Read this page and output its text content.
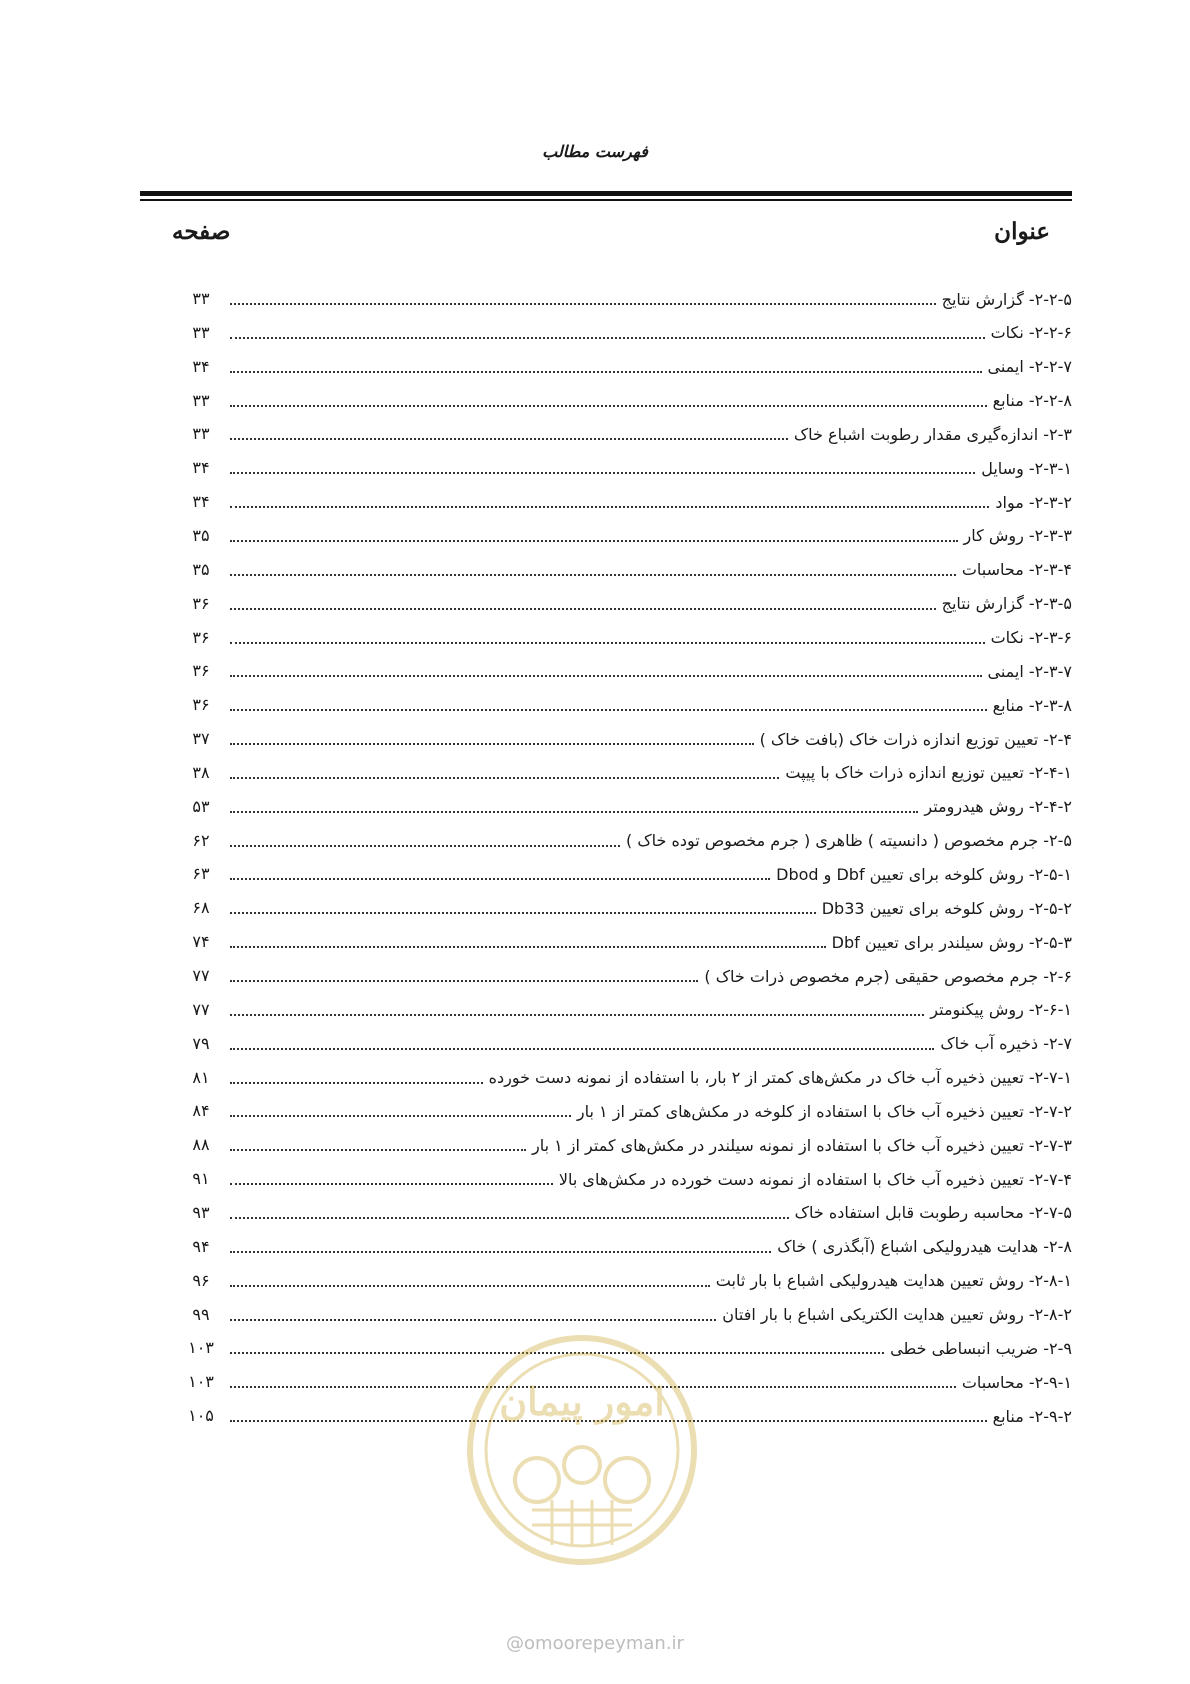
فهرست مطالب
عنوان
صفحه
۲-۲-۵- گزارش نتایج
۳۳
۲-۲-۶- نکات
۳۳
۲-۲-۷- ایمنی
۳۴
۲-۲-۸- منابع
۳۳
۲-۳- اندازه‌گیری مقدار رطوبت اشباع خاک
۳۳
۲-۳-۱- وسایل
۳۴
۲-۳-۲- مواد
۳۴
۲-۳-۳- روش کار
۳۵
۲-۳-۴- محاسبات
۳۵
۲-۳-۵- گزارش نتایج
۳۶
۲-۳-۶- نکات
۳۶
۲-۳-۷- ایمنی
۳۶
۲-۳-۸- منابع
۳۶
۲-۴- تعیین توزیع اندازه ذرات خاک (بافت خاک )
۳۷
۲-۴-۱- تعیین توزیع اندازه ذرات خاک با پیپت
۳۸
۲-۴-۲- روش هیدرومتر
۵۳
۲-۵- جرم مخصوص ( دانسیته ) ظاهری ( جرم مخصوص توده خاک )
۶۲
۲-۵-۱- روش کلوخه برای تعیین Dbf و Dbod
۶۳
۲-۵-۲- روش کلوخه برای تعیین Db33
۶۸
۲-۵-۳- روش سیلندر برای تعیین Dbf
۷۴
۲-۶- جرم مخصوص حقیقی (جرم مخصوص ذرات خاک )
۷۷
۲-۶-۱- روش پیکنومتر
۷۷
۲-۷- ذخیره آب خاک
۷۹
۲-۷-۱- تعیین ذخیره آب خاک در مکش‌های کمتر از ۲ بار، با استفاده از نمونه دست خورده
۸۱
۲-۷-۲- تعیین ذخیره آب خاک با استفاده از کلوخه در مکش‌های کمتر از ۱ بار
۸۴
۲-۷-۳- تعیین ذخیره آب خاک با استفاده از نمونه سیلندر در مکش‌های کمتر از ۱ بار
۸۸
۲-۷-۴- تعیین ذخیره آب خاک با استفاده از نمونه دست خورده در مکش‌های بالا
۹۱
۲-۷-۵- محاسبه رطوبت قابل استفاده خاک
۹۳
۲-۸- هدایت هیدرولیکی اشباع (آبگذری ) خاک
۹۴
۲-۸-۱- روش تعیین هدایت هیدرولیکی اشباع با بار ثابت
۹۶
۲-۸-۲- روش تعیین هدایت الکتریکی اشباع با بار افتان
۹۹
۲-۹- ضریب انبساطی خطی
۱۰۳
۲-۹-۱- محاسبات
۱۰۳
۲-۹-۲- منابع
۱۰۵	امور پیمان
@omoorepeyman.ir
